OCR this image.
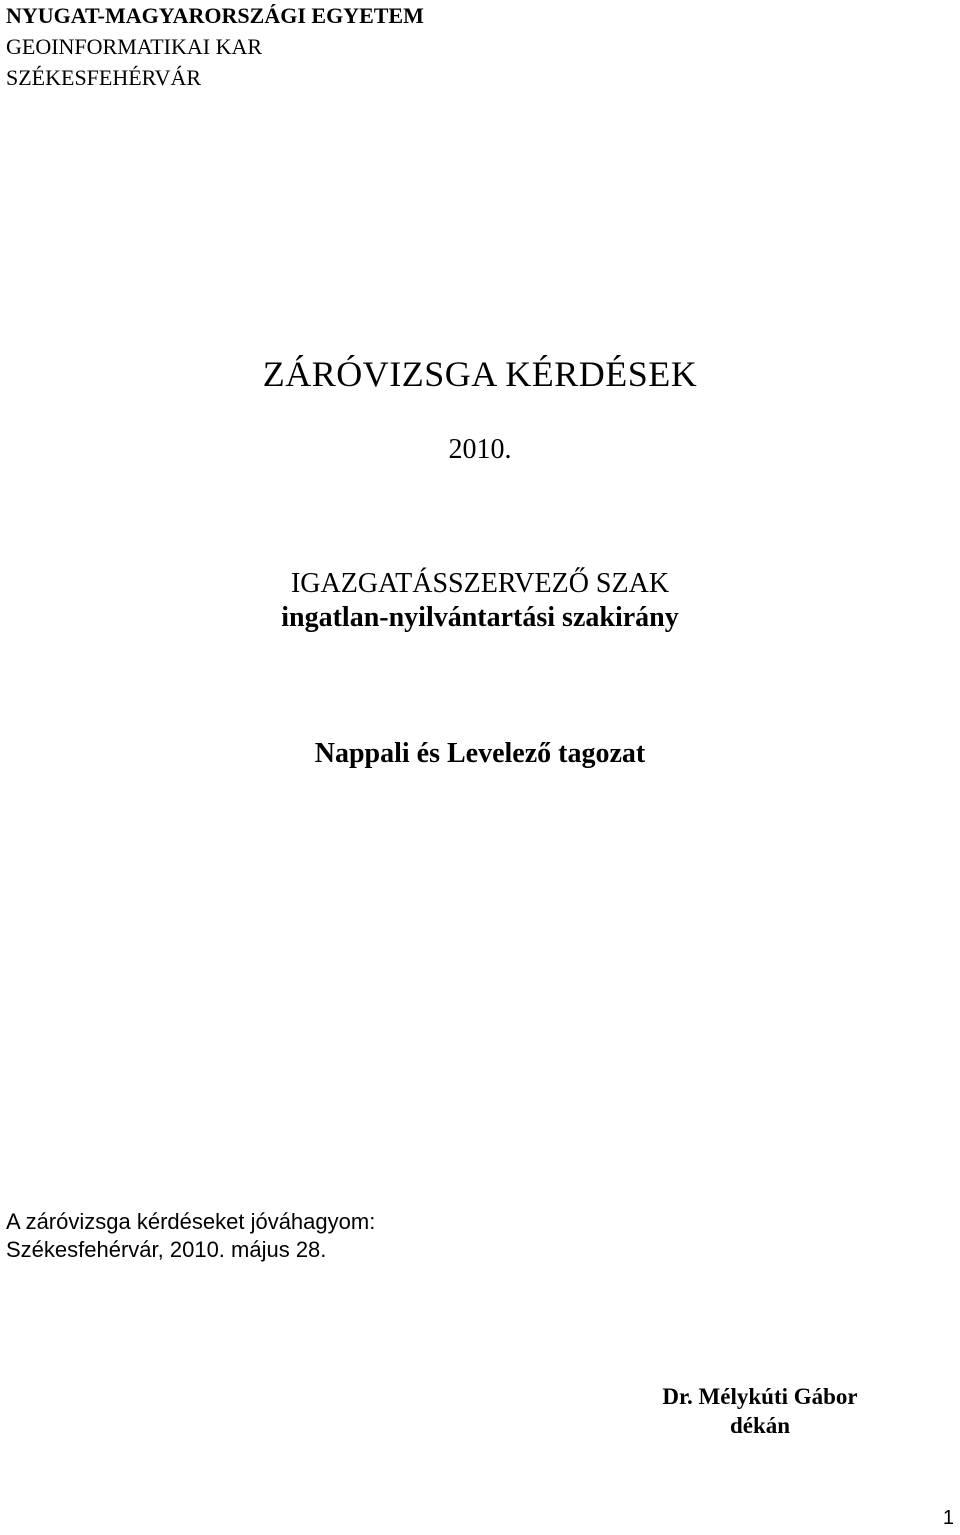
NYUGAT-MAGYARORSZÁGI EGYETEM
GEOINFORMATIKAI KAR
SZÉKESFEHÉRVÁR
ZÁRÓVIZSGA KÉRDÉSEK
2010.
IGAZGATÁSSZERVEZŐ SZAK
ingatlan-nyilvántartási szakirány
Nappali és Levelező tagozat
A záróvizsga kérdéseket jóváhagyom:
Székesfehérvár, 2010. május 28.
Dr. Mélykúti Gábor
dékán
1
